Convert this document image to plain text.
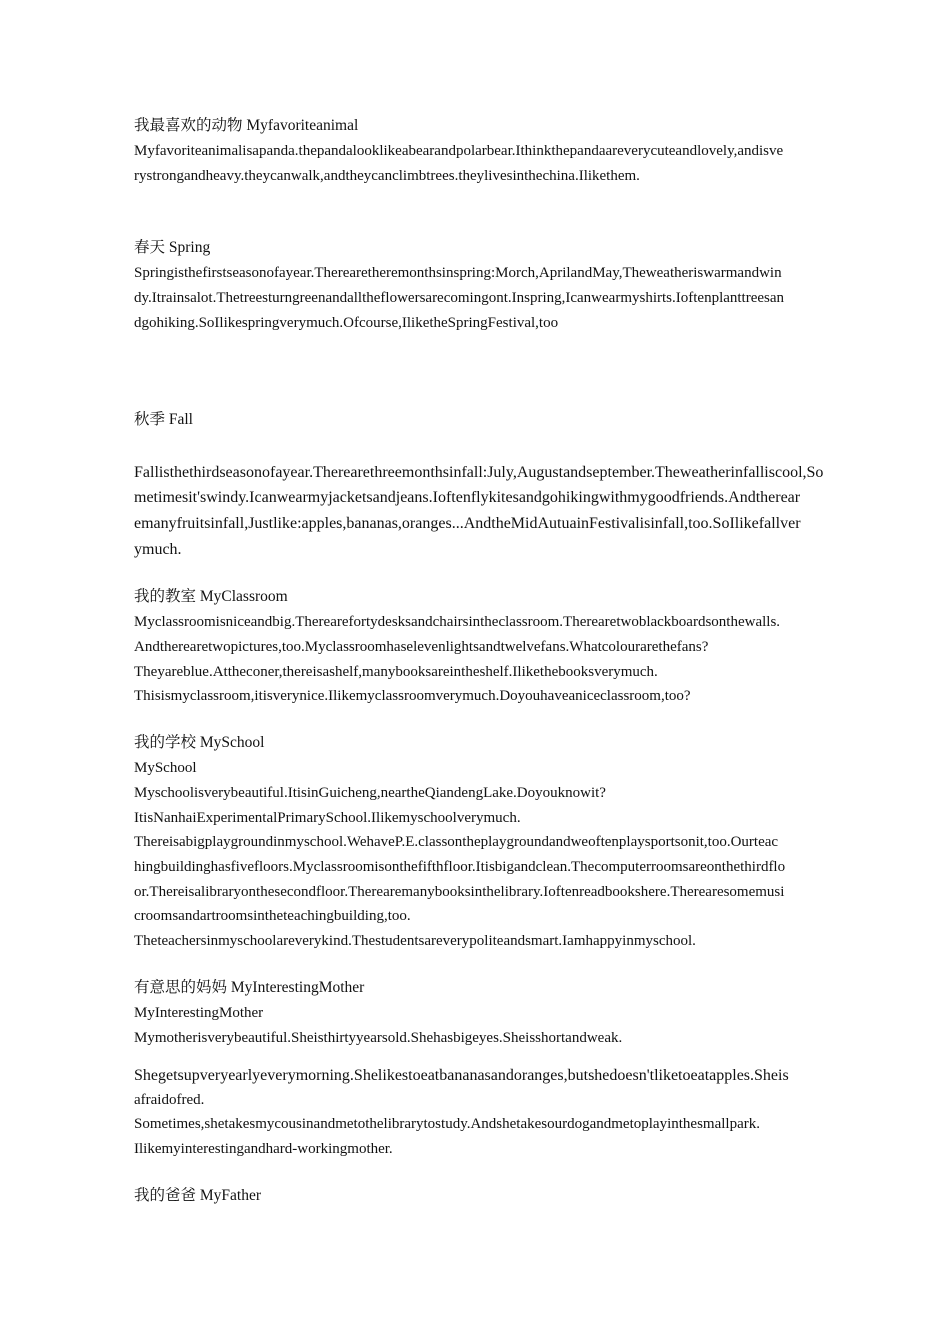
我最喜欢的动物 Myfavoriteanimal
Myfavoriteanimalisapanda.thepandalooklikeabearandpolarbear.Ithinkthepandaareverycuteandlovely,andisve
rystrongandheavy.theycanwalk,andtheycanclimbtrees.theylivesinthechina.Ilikethem.
春天 Spring
Springisthefirstseasonofayear.Therearetheremonthsinspring:Morch,AprilandMay,Theweatheriswarmandwin
dy.Itrainsalot.Thetreesturngreenandalltheflowersarecomingont.Inspring,Icanwearmyshirts.Ioftenplanttreesan
dgohiking.SoIlikespringverymuch.Ofcourse,IliketheSpringFestival,too
秋季 Fall
Fallisthethirdseasonofayear.Therearethreemonthsinfall:July,Augustandseptember.Theweatherinfalliscool,So
metimesit'swindy.Icanwearmyjacketsandjeans.Ioftenflykitesandgohikingwithmygoodfriends.Andtherear
emanyfruitsinfall,Justlike:apples,bananas,oranges...AndtheMidAutuainFestivalisinfall,too.SoIlikefallver
ymuch.
我的教室 MyClassroom
Myclassroomisniceandbig.Therearefortydesksandchairsintheclassroom.Therearetwoblackboardsonthewalls.
Andtherearetwopictures,too.Myclassroomhaselevenlightsandtwelvefans.Whatcolourarethefans?
Theyareblue.Attheconer,thereisashelf,manybooksareintheshelf.Ilikethebooksverymuch.
Thisismyclassroom,itisverynice.Ilikemyclassroomverymuch.Doyouhaveaniceclassroom,too?
我的学校 MySchool
MySchool
Myschoolisverybeautiful.ItisinGuicheng,neartheQiandengLake.Doyouknowit?
ItisNanhaiExperimentalPrimarySchool.Ilikemyschoolverymuch.
Thereisabigplaygroundinmyschool.WehaveP.E.classontheplaygroundandweoftenplaysportsonit,too.Ourteac
hingbuildinghasfivefloors.Myclassroomisonthefifthfloor.Itisbigandclean.Thecomputerroomsareonthethirdflo
or.Thereisalibraryonthesecondfloor.Therearemanybooksinthelibrary.Ioftenreadbookshere.Therearesomemusi
croomsandartroomsintheteachingbuilding,too.
Theteachersinmyschoolareverykind.Thestudentsareverypoliteandsmart.Iamhappyinmyschool.
有意思的妈妈 MyInterestingMother
MyInterestingMother
Mymotherisverybeautiful.Sheisthirtyyearsold.Shehasbigeyes.Sheisshortandweak.
Shegetsupveryearlyeverymorning.Shelikestoeatbananasandoranges,butshedoesn'tliketoeatapples.Sheis
afraidofred.
Sometimes,shetakesmycousinandmetothelibrarytostudy.Andshetakesourdogandmetoplayinthesmallpark.
Ilikemyinterestingandhard-workingmother.
我的爸爸 MyFather
